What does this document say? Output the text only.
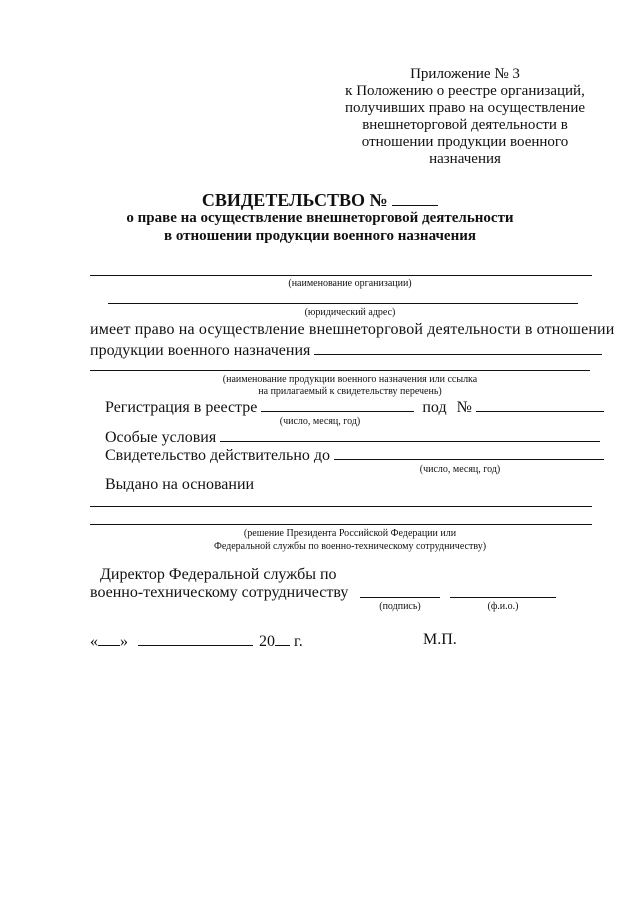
Приложение № 3
к Положению о реестре организаций,
получивших право на осуществление
внешнеторговой деятельности в
отношении продукции военного
назначения
СВИДЕТЕЛЬСТВО №
о праве на осуществление внешнеторговой деятельности
в отношении продукции военного назначения
(наименование организации)
(юридический адрес)
имеет право на осуществление внешнеторговой деятельности в отношении
продукции военного назначения
(наименование продукции военного назначения или ссылка
на прилагаемый к свидетельству перечень)
Регистрация в реестре	под №
(число, месяц, год)
Особые условия
Свидетельство действительно до
(число, месяц, год)
Выдано на основании
(решение Президента Российской Федерации или
Федеральной службы по военно-техническому сотрудничеству)
Директор Федеральной службы по
военно-техническому сотрудничеству
(подпись)	(ф.и.о.)
« »	20 г.	М.П.
